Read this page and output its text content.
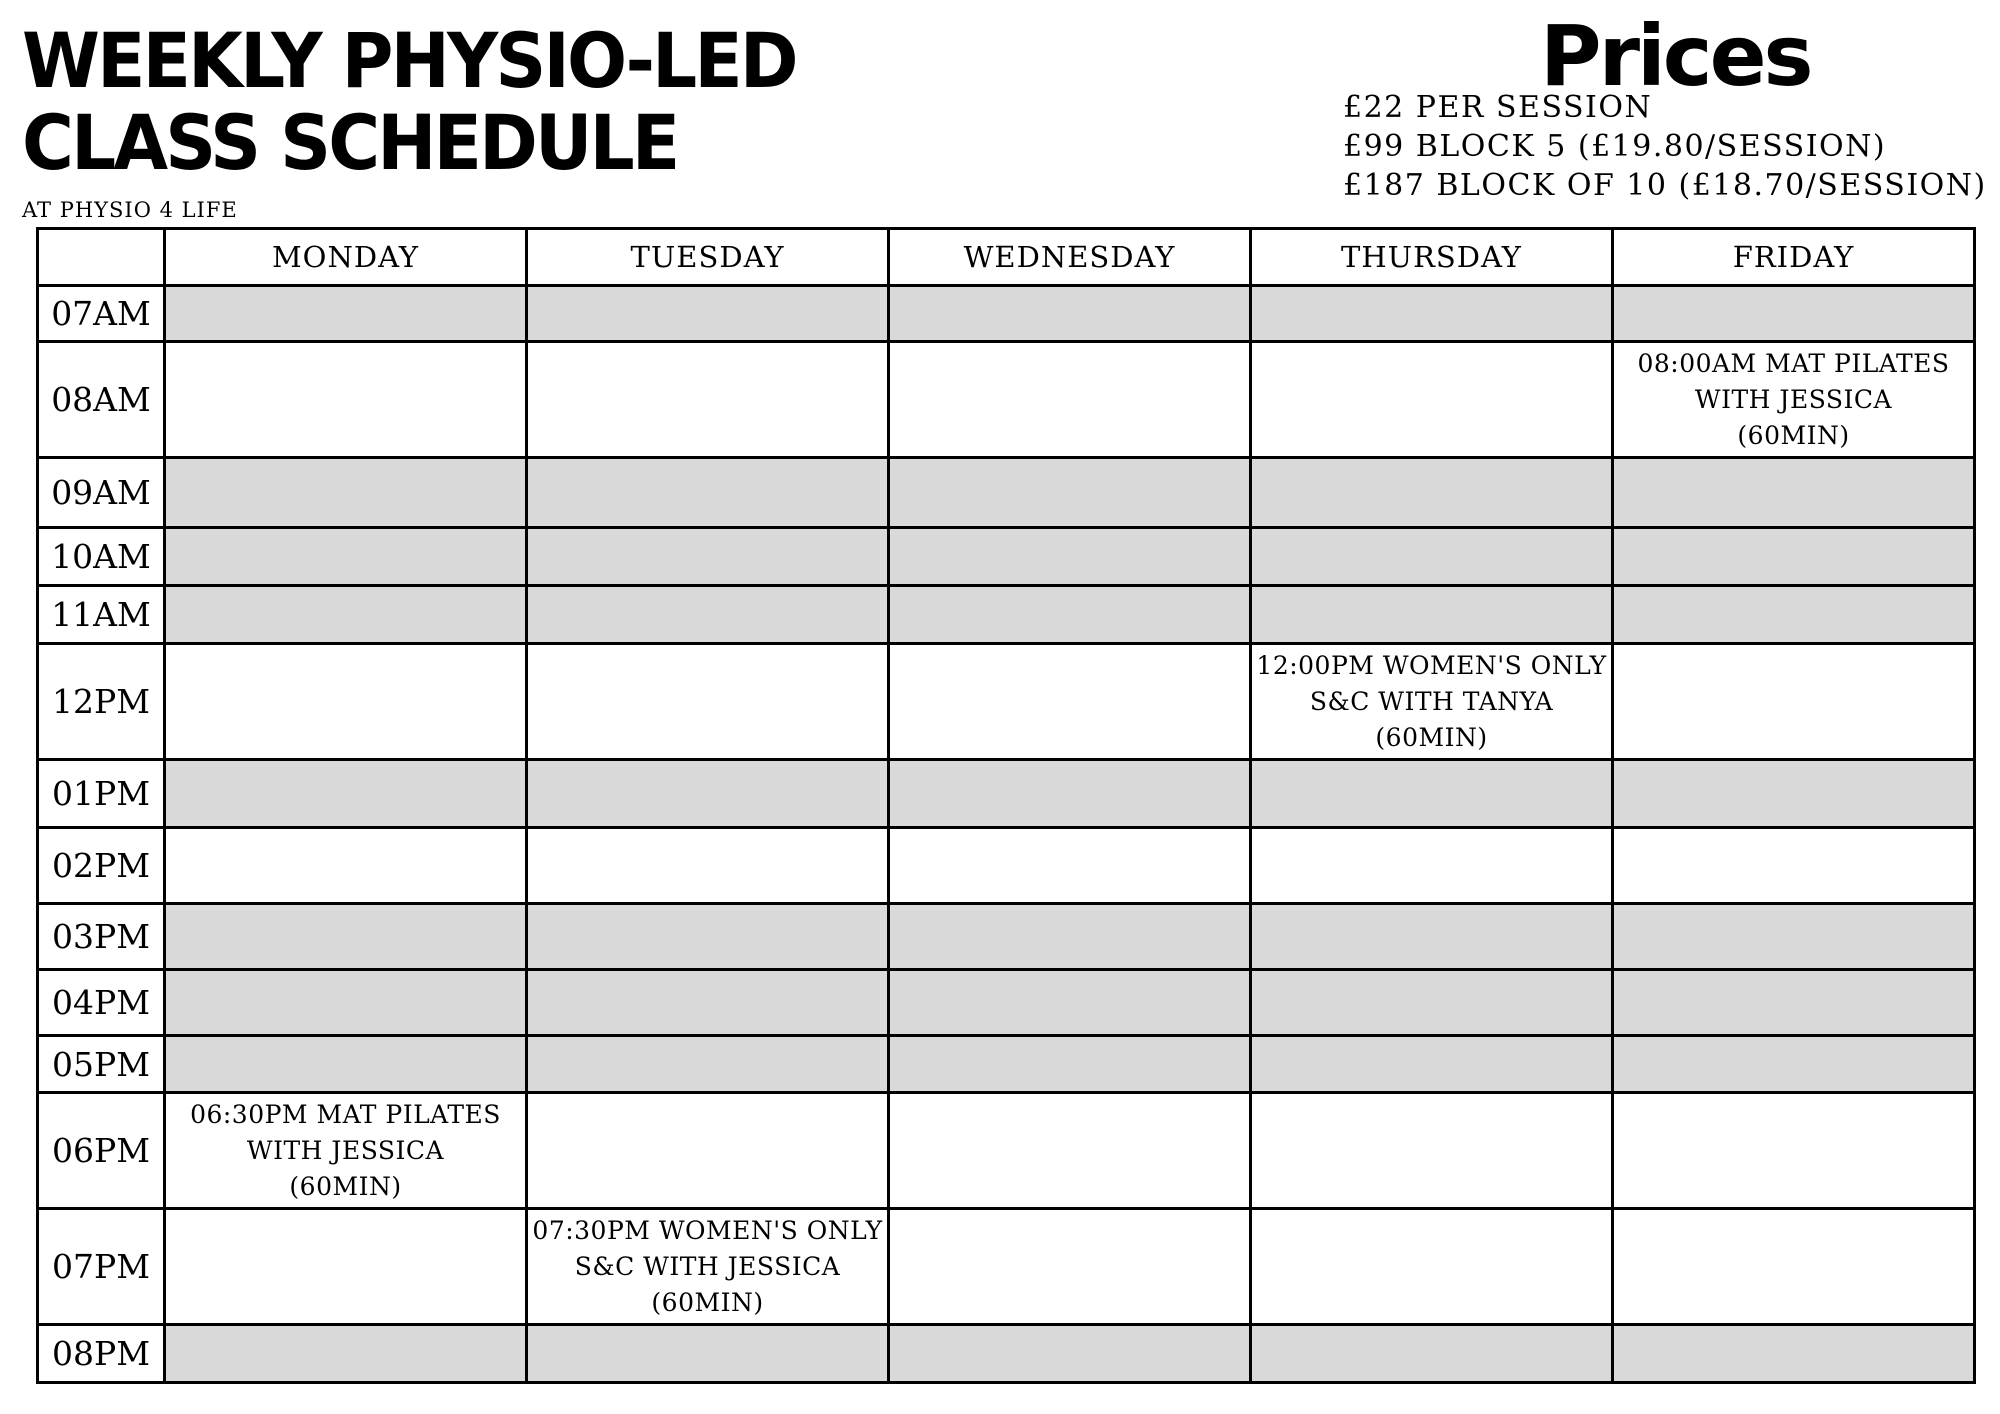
WEEKLY PHYSIO-LED
CLASS SCHEDULE
AT PHYSIO 4 LIFE
Prices
£22 PER SESSION
£99 BLOCK 5 (£19.80/SESSION)
£187 BLOCK OF 10 (£18.70/SESSION)
	MONDAY	TUESDAY	WEDNESDAY	THURSDAY	FRIDAY
07AM					
08AM					08:00AM MAT PILATES
WITH JESSICA
(60MIN)

09AM					
10AM					
11AM					
12PM				12:00PM WOMEN'S ONLY
S&C WITH TANYA
(60MIN)	

01PM					
02PM					
03PM					
04PM					
05PM					
06PM	06:30PM MAT PILATES
WITH JESSICA
(60MIN)				

07PM		07:30PM WOMEN'S ONLY
S&C WITH JESSICA
(60MIN)			

08PM					
